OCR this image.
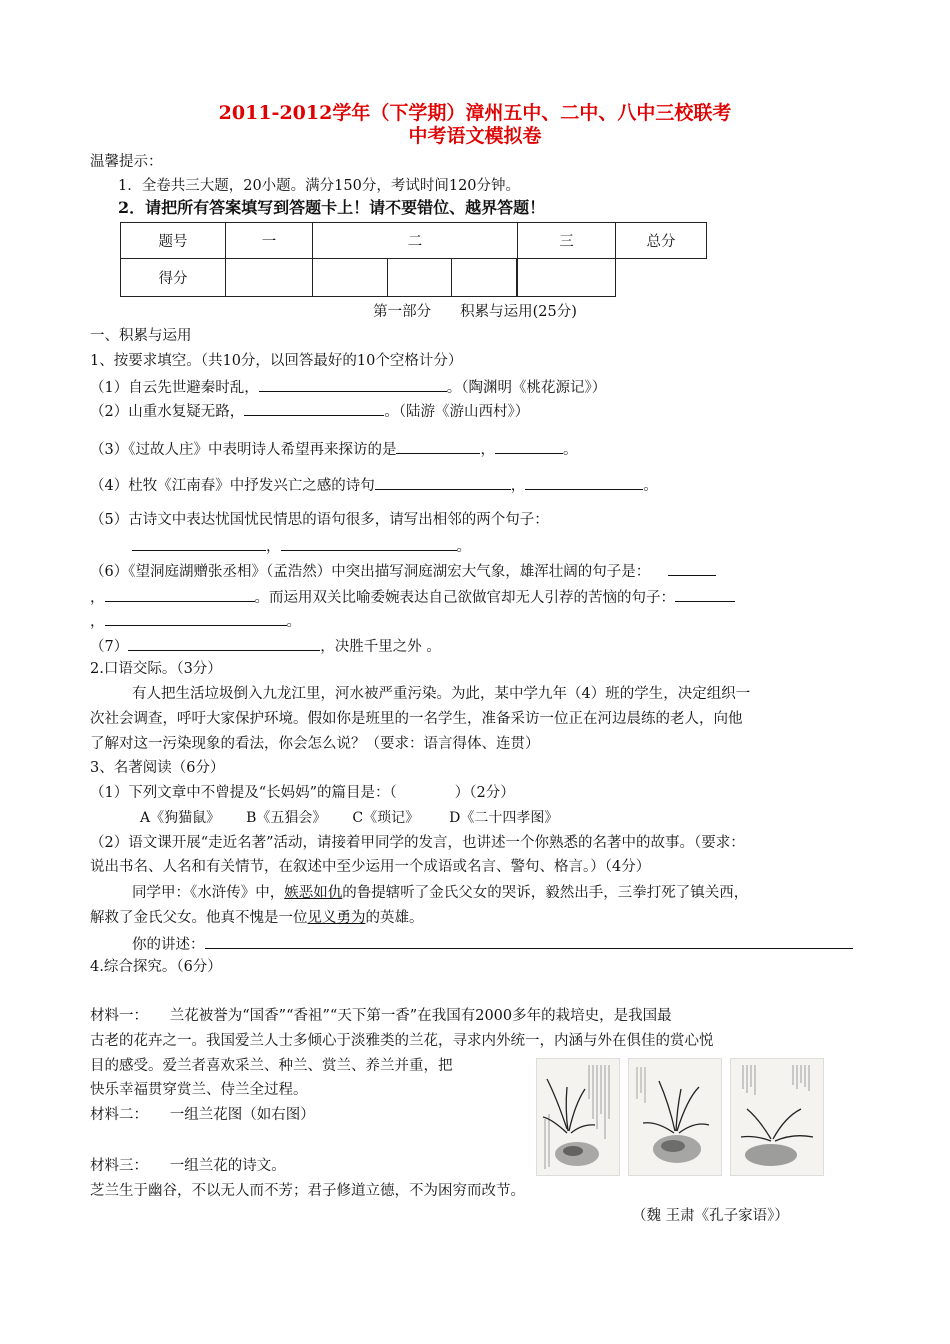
2011-2012学年（下学期）漳州五中、二中、八中三校联考
中考语文模拟卷
温馨提示：
1．全卷共三大题，20小题。满分150分，考试时间120分钟。
2．请把所有答案填写到答题卡上！请不要错位、越界答题！
题号	一	二			三	总分
得分						
第一部分　　积累与运用(25分)
一、积累与运用
1、按要求填空。（共10分，以回答最好的10个空格计分）
（1）自云先世避秦时乱，	。（陶渊明《桃花源记》）
（2）山重水复疑无路，	。（陆游《游山西村》）
（3）《过故人庄》中表明诗人希望再来探访的是	，	。
（4）杜牧《江南春》中抒发兴亡之感的诗句	，	。
（5）古诗文中表达忧国忧民情思的语句很多，请写出相邻的两个句子：
，	。
（6）《望洞庭湖赠张丞相》（孟浩然）中突出描写洞庭湖宏大气象，雄浑壮阔的句子是：
，	。而运用双关比喻委婉表达自己欲做官却无人引荐的苦恼的句子：
，	。
（7）	，决胜千里之外 。
2.口语交际。（3分）
有人把生活垃圾倒入九龙江里，河水被严重污染。为此，某中学九年（4）班的学生，决定组织一
次社会调查，呼吁大家保护环境。假如你是班里的一名学生，准备采访一位正在河边晨练的老人，向他
了解对这一污染现象的看法，你会怎么说？（要求：语言得体、连贯）
3、名著阅读（6分）
（1）下列文章中不曾提及“长妈妈”的篇目是：（　　　　）（2分）
A《狗猫鼠》 B《五猖会》 C《琐记》 D《二十四孝图》
（2）语文课开展“走近名著”活动，请接着甲同学的发言，也讲述一个你熟悉的名著中的故事。（要求：
说出书名、人名和有关情节，在叙述中至少运用一个成语或名言、警句、格言。）（4分）
同学甲：《水浒传》中，嫉恶如仇的鲁提辖听了金氏父女的哭诉，毅然出手，三拳打死了镇关西，
解救了金氏父女。他真不愧是一位见义勇为的英雄。
你的讲述：
4.综合探究。（6分）
材料一：　　兰花被誉为“国香”“香祖”“天下第一香”在我国有2000多年的栽培史，是我国最
古老的花卉之一。我国爱兰人士多倾心于淡雅类的兰花，寻求内外统一，内涵与外在俱佳的赏心悦
目的感受。爱兰者喜欢采兰、种兰、赏兰、养兰并重，把
快乐幸福贯穿赏兰、侍兰全过程。
材料二：　　一组兰花图（如右图）
材料三：　　一组兰花的诗文。
芝兰生于幽谷，不以无人而不芳；君子修道立德，不为困穷而改节。
（魏 王肃《孔子家语》）
